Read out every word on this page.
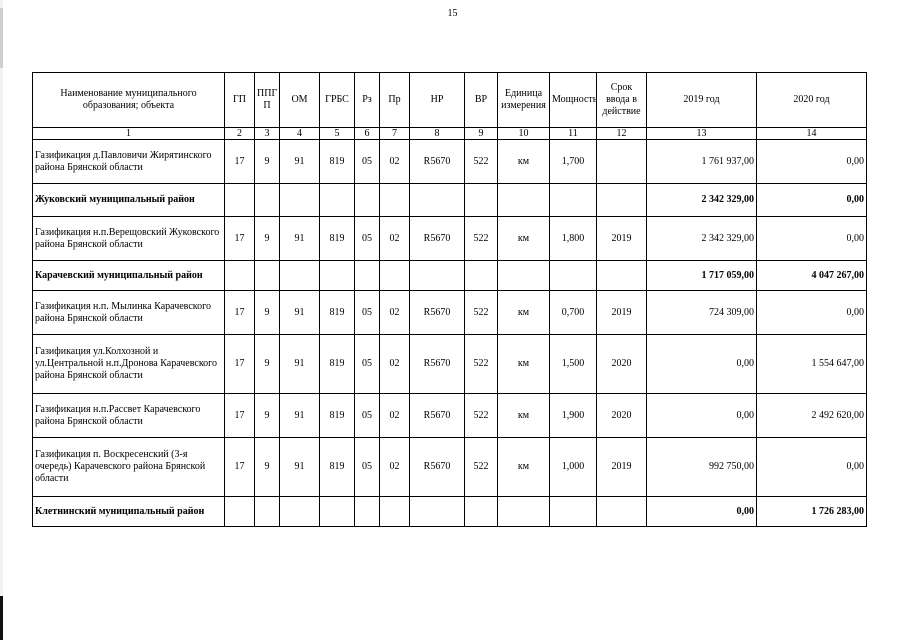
15
Наименование муниципального образования; объекта	ГП	ППГ П	ОМ	ГРБС	Рз	Пр	НР	ВР	Единица измерения	Мощность	Срок ввода в действие	2019 год	2020 год
1	2	3	4	5	6	7	8	9	10	11	12	13	14
Газификация д.Павловичи Жирятинского района Брянской области	17	9	91	819	05	02	R5670	522	км	1,700		1 761 937,00	0,00
Жуковский муниципальный район												2 342 329,00	0,00
Газификация н.п.Верещовский Жуковского района Брянской области	17	9	91	819	05	02	R5670	522	км	1,800	2019	2 342 329,00	0,00
Карачевский муниципальный район												1 717 059,00	4 047 267,00
Газификация н.п. Мылинка Карачевского района Брянской области	17	9	91	819	05	02	R5670	522	км	0,700	2019	724 309,00	0,00
Газификация ул.Колхозной и ул.Центральной н.п.Дронова Карачевского района Брянской области	17	9	91	819	05	02	R5670	522	км	1,500	2020	0,00	1 554 647,00
Газификация н.п.Рассвет Карачевского района Брянской области	17	9	91	819	05	02	R5670	522	км	1,900	2020	0,00	2 492 620,00
Газификация п. Воскресенский (3-я очередь) Карачевского района Брянской области	17	9	91	819	05	02	R5670	522	км	1,000	2019	992 750,00	0,00
Клетнинский муниципальный район												0,00	1 726 283,00
